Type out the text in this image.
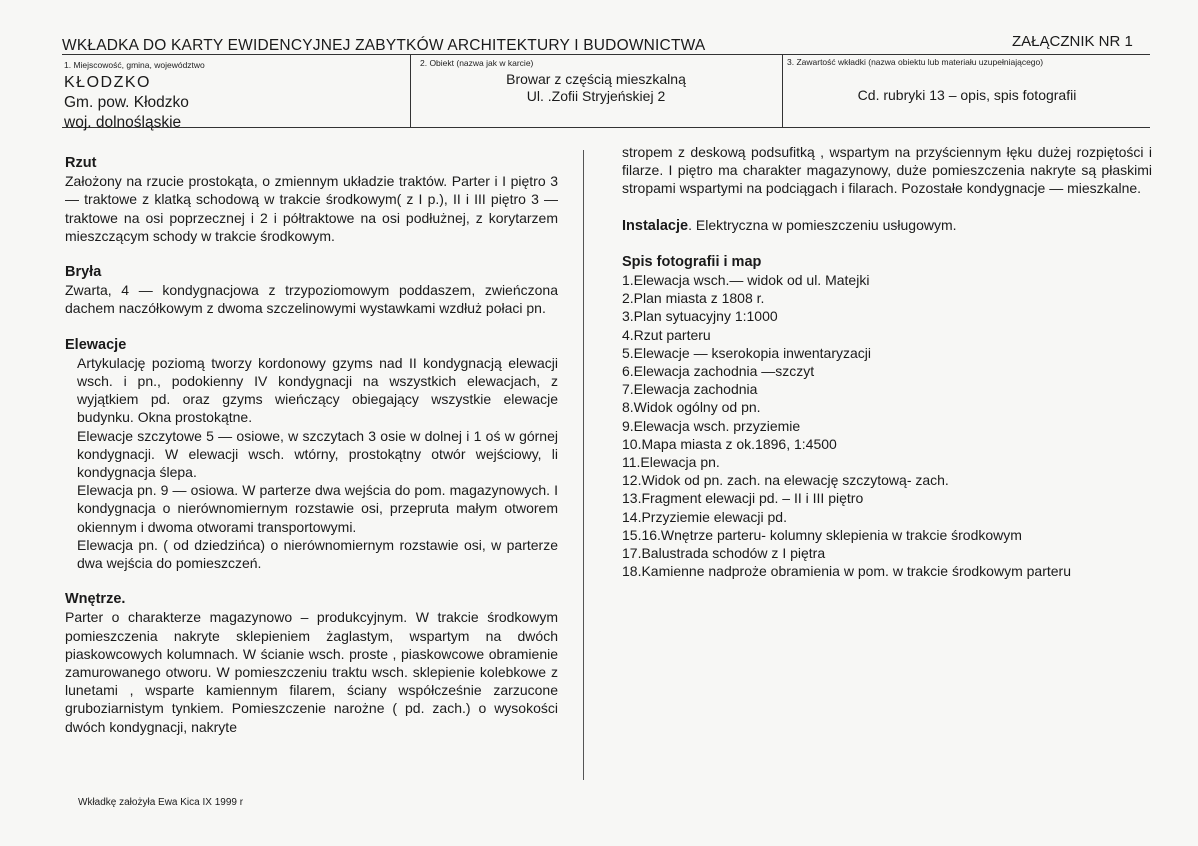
WKŁADKA DO KARTY EWIDENCYJNEJ ZABYTKÓW ARCHITEKTURY I BUDOWNICTWA	ZAŁĄCZNIK NR 1
1. Miejscowość, gmina, województwo
KŁODZKO
Gm. pow. Kłodzko
woj. dolnośląskie
2. Obiekt (nazwa jak w karcie)
Browar z częścią mieszkalną
Ul. .Zofii Stryjeńskiej 2
3. Zawartość wkładki (nazwa obiektu lub materiału uzupełniającego)
Cd. rubryki 13 – opis, spis fotografii
Rzut

Założony na rzucie prostokąta, o zmiennym układzie traktów. Parter i I piętro 3 — traktowe z klatką schodową w trakcie środkowym( z I p.), II i III piętro 3 —traktowe na osi poprzecznej i 2 i półtraktowe na osi podłużnej, z korytarzem mieszczącym schody w trakcie środkowym.

Bryła

Zwarta, 4 — kondygnacjowa z trzypoziomowym poddaszem, zwieńczona dachem naczółkowym z dwoma szczelinowymi wystawkami wzdłuż połaci pn.

Elewacje

Artykulację poziomą tworzy kordonowy gzyms nad II kondygnacją elewacji wsch. i pn., podokienny IV kondygnacji na wszystkich elewacjach, z wyjątkiem pd. oraz gzyms wieńczący obiegający wszystkie elewacje budynku. Okna prostokątne.

Elewacje szczytowe 5 — osiowe, w szczytach 3 osie w dolnej i 1 oś w górnej kondygnacji. W elewacji wsch. wtórny, prostokątny otwór wejściowy, li kondygnacja ślepa.

Elewacja pn. 9 — osiowa. W parterze dwa wejścia do pom. magazynowych. I kondygnacja o nierównomiernym rozstawie osi, przepruta małym otworem okiennym i dwoma otworami transportowymi.

Elewacja pn. ( od dziedzińca) o nierównomiernym rozstawie osi, w parterze dwa wejścia do pomieszczeń.

Wnętrze.

Parter o charakterze magazynowo – produkcyjnym. W trakcie środkowym pomieszczenia nakryte sklepieniem żaglastym, wspartym na dwóch piaskowcowych kolumnach. W ścianie wsch. proste , piaskowcowe obramienie zamurowanego otworu. W pomieszczeniu traktu wsch. sklepienie kolebkowe z lunetami , wsparte kamiennym filarem, ściany współcześnie zarzucone gruboziarnistym tynkiem. Pomieszczenie narożne ( pd. zach.) o wysokości dwóch kondygnacji, nakryte

stropem z deskową podsufitką , wspartym na przyściennym łęku dużej rozpiętości i filarze. I piętro ma charakter magazynowy, duże pomieszczenia nakryte są płaskimi stropami wspartymi na podciągach i filarach. Pozostałe kondygnacje — mieszkalne.

Instalacje. Elektryczna w pomieszczeniu usługowym.

Spis fotografii i map
1.Elewacja wsch.— widok od ul. Matejki
2.Plan miasta z 1808 r.
3.Plan sytuacyjny 1:1000
4.Rzut parteru
5.Elewacje — kserokopia inwentaryzacji
6.Elewacja zachodnia —szczyt
7.Elewacja zachodnia
8.Widok ogólny od pn.
9.Elewacja wsch. przyziemie
10.Mapa miasta z ok.1896, 1:4500
11.Elewacja pn.
12.Widok od pn. zach. na elewację szczytową- zach.
13.Fragment elewacji pd. – II i III piętro
14.Przyziemie elewacji pd.
15.16.Wnętrze parteru- kolumny sklepienia w trakcie środkowym
17.Balustrada schodów z I piętra
18.Kamienne nadproże obramienia w pom. w trakcie środkowym parteru
Wkładkę założyła Ewa Kica IX 1999 r
